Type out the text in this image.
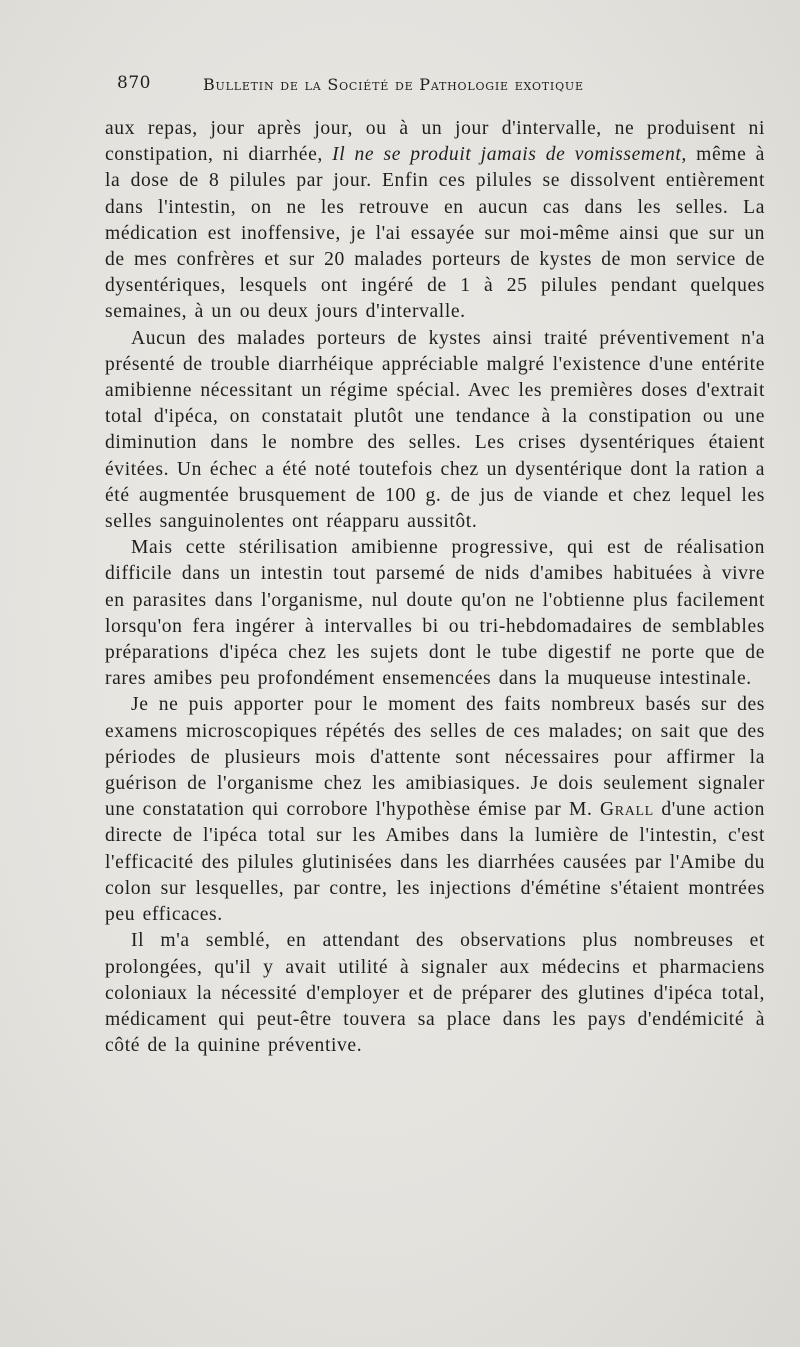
870	Bulletin de la Société de Pathologie exotique

aux repas, jour après jour, ou à un jour d'intervalle, ne produisent ni constipation, ni diarrhée, Il ne se produit jamais de vomissement, même à la dose de 8 pilules par jour. Enfin ces pilules se dissolvent entièrement dans l'intestin, on ne les retrouve en aucun cas dans les selles. La médication est inoffensive, je l'ai essayée sur moi-même ainsi que sur un de mes confrères et sur 20 malades porteurs de kystes de mon service de dysentériques, lesquels ont ingéré de 1 à 25 pilules pendant quelques semaines, à un ou deux jours d'intervalle.

Aucun des malades porteurs de kystes ainsi traité préventivement n'a présenté de trouble diarrhéique appréciable malgré l'existence d'une entérite amibienne nécessitant un régime spécial. Avec les premières doses d'extrait total d'ipéca, on constatait plutôt une tendance à la constipation ou une diminution dans le nombre des selles. Les crises dysentériques étaient évitées. Un échec a été noté toutefois chez un dysentérique dont la ration a été augmentée brusquement de 100 g. de jus de viande et chez lequel les selles sanguinolentes ont réapparu aussitôt.

Mais cette stérilisation amibienne progressive, qui est de réalisation difficile dans un intestin tout parsemé de nids d'amibes habituées à vivre en parasites dans l'organisme, nul doute qu'on ne l'obtienne plus facilement lorsqu'on fera ingérer à intervalles bi ou tri-hebdomadaires de semblables préparations d'ipéca chez les sujets dont le tube digestif ne porte que de rares amibes peu profondément ensemencées dans la muqueuse intestinale.

Je ne puis apporter pour le moment des faits nombreux basés sur des examens microscopiques répétés des selles de ces malades; on sait que des périodes de plusieurs mois d'attente sont nécessaires pour affirmer la guérison de l'organisme chez les amibiasiques. Je dois seulement signaler une constatation qui corrobore l'hypothèse émise par M. Grall d'une action directe de l'ipéca total sur les Amibes dans la lumière de l'intestin, c'est l'efficacité des pilules glutinisées dans les diarrhées causées par l'Amibe du colon sur lesquelles, par contre, les injections d'émétine s'étaient montrées peu efficaces.

Il m'a semblé, en attendant des observations plus nombreuses et prolongées, qu'il y avait utilité à signaler aux médecins et pharmaciens coloniaux la nécessité d'employer et de préparer des glutines d'ipéca total, médicament qui peut-être touvera sa place dans les pays d'endémicité à côté de la quinine préventive.
